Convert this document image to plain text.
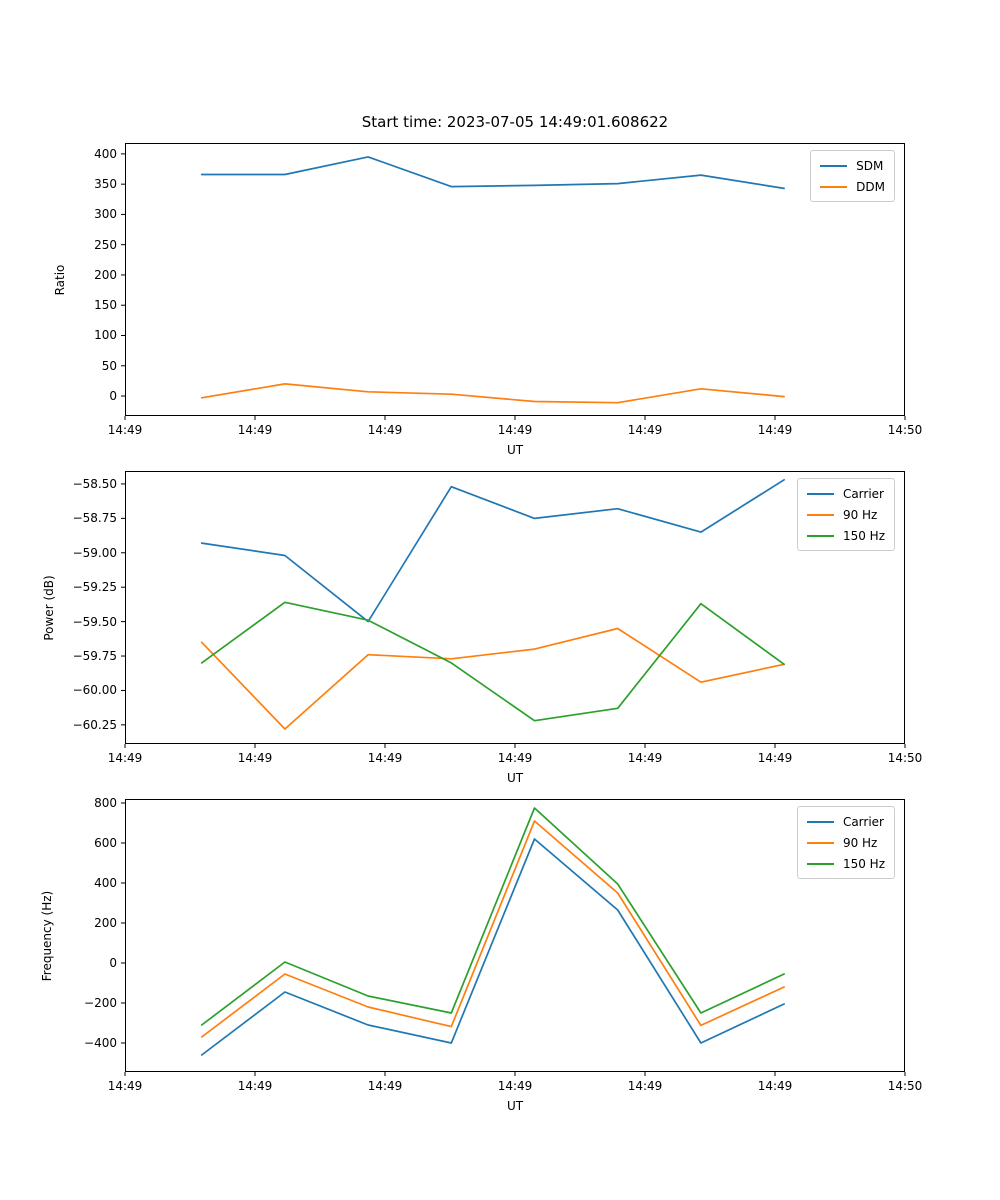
Start time: 2023-07-05 14:49:01.608622
14:49	14:49	14:49	14:49	14:49	14:49	14:50
400
350
300
250
200
150
100
50
0
Ratio
UT
SDM
DDM
14:49	14:49	14:49	14:49	14:49	14:49	14:50
−58.50
−58.75
−59.00
−59.25
−59.50
−59.75
−60.00
−60.25
Power (dB)
UT
Carrier
90 Hz
150 Hz
14:49	14:49	14:49	14:49	14:49	14:49	14:50
800
600
400
200
0
−200
−400
Frequency (Hz)
UT
Carrier
90 Hz
150 Hz
